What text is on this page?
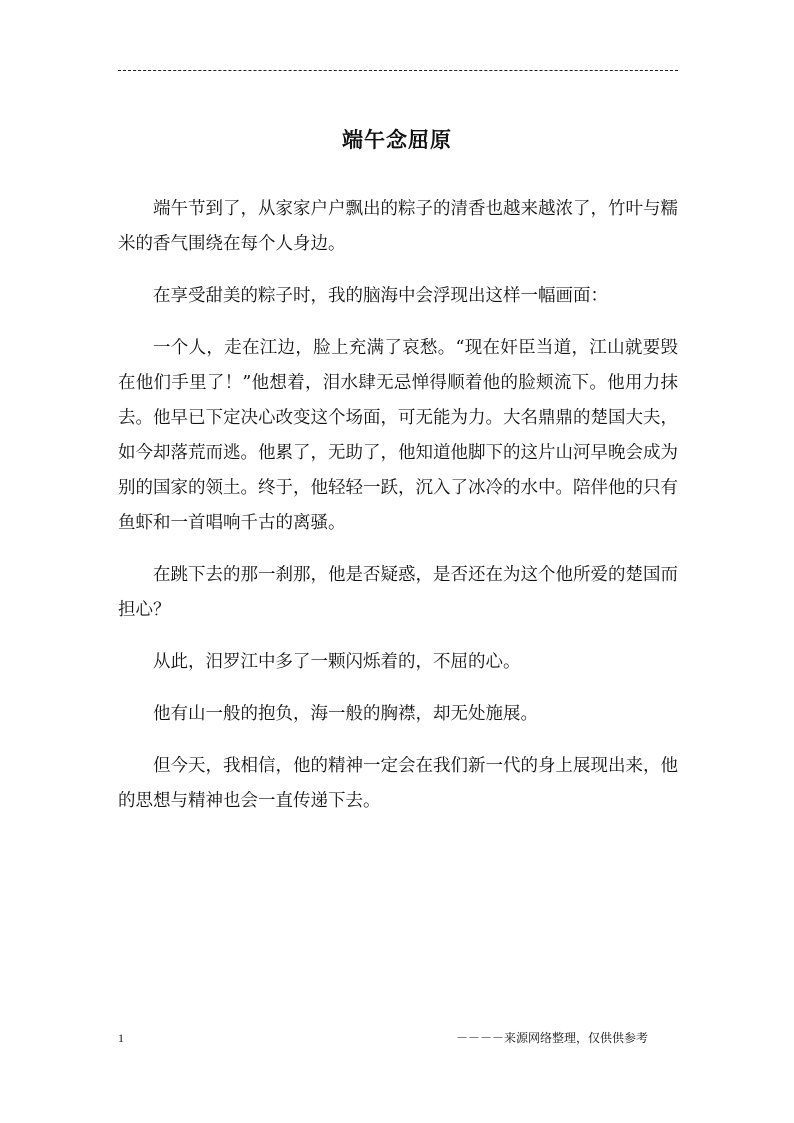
端午念屈原

端午节到了，从家家户户飘出的粽子的清香也越来越浓了，竹叶与糯米的香气围绕在每个人身边。

在享受甜美的粽子时，我的脑海中会浮现出这样一幅画面：

一个人，走在江边，脸上充满了哀愁。“现在奸臣当道，江山就要毁在他们手里了！”他想着，泪水肆无忌惮得顺着他的脸颊流下。他用力抹去。他早已下定决心改变这个场面，可无能为力。大名鼎鼎的楚国大夫，如今却落荒而逃。他累了，无助了，他知道他脚下的这片山河早晚会成为别的国家的领土。终于，他轻轻一跃，沉入了冰冷的水中。陪伴他的只有鱼虾和一首唱响千古的离骚。

在跳下去的那一刹那，他是否疑惑，是否还在为这个他所爱的楚国而担心？

从此，汨罗江中多了一颗闪烁着的，不屈的心。

他有山一般的抱负，海一般的胸襟，却无处施展。

但今天，我相信，他的精神一定会在我们新一代的身上展现出来，他的思想与精神也会一直传递下去。

1	－－－－来源网络整理，仅供供参考
